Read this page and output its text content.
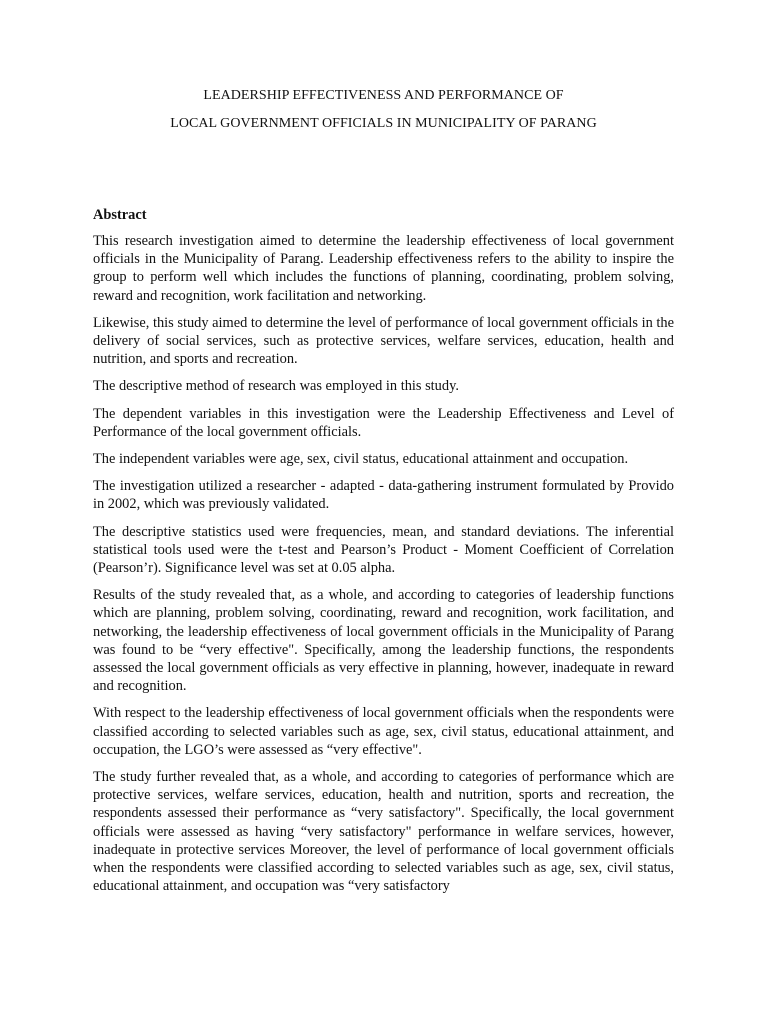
LEADERSHIP EFFECTIVENESS AND PERFORMANCE OF

LOCAL GOVERNMENT OFFICIALS IN MUNICIPALITY OF PARANG

Abstract

This research investigation aimed to determine the leadership effectiveness of local government officials in the Municipality of Parang. Leadership effectiveness refers to the ability to inspire the group to perform well which includes the functions of planning, coordinating, problem solving, reward and recognition, work facilitation and networking.

Likewise, this study aimed to determine the level of performance of local government officials in the delivery of social services, such as protective services, welfare services, education, health and nutrition, and sports and recreation.

The descriptive method of research was employed in this study.

The dependent variables in this investigation were the Leadership Effectiveness and Level of Performance of the local government officials.

The independent variables were age, sex, civil status, educational attainment and occupation.

The investigation utilized a researcher - adapted - data-gathering instrument formulated by Provido in 2002, which was previously validated.

The descriptive statistics used were frequencies, mean, and standard deviations. The inferential statistical tools used were the t-test and Pearson’s Product - Moment Coefficient of Correlation (Pearson’r). Significance level was set at 0.05 alpha.

Results of the study revealed that, as a whole, and according to categories of leadership functions which are planning, problem solving, coordinating, reward and recognition, work facilitation, and networking, the leadership effectiveness of local government officials in the Municipality of Parang was found to be “very effective". Specifically, among the leadership functions, the respondents assessed the local government officials as very effective in planning, however, inadequate in reward and recognition.

With respect to the leadership effectiveness of local government officials when the respondents were classified according to selected variables such as age, sex, civil status, educational attainment, and occupation, the LGO’s were assessed as “very effective".

The study further revealed that, as a whole, and according to categories of performance which are protective services, welfare services, education, health and nutrition, sports and recreation, the respondents assessed their performance as “very satisfactory". Specifically, the local government officials were assessed as having “very satisfactory" performance in welfare services, however, inadequate in protective services Moreover, the level of performance of local government officials when the respondents were classified according to selected variables such as age, sex, civil status, educational attainment, and occupation was “very satisfactory
